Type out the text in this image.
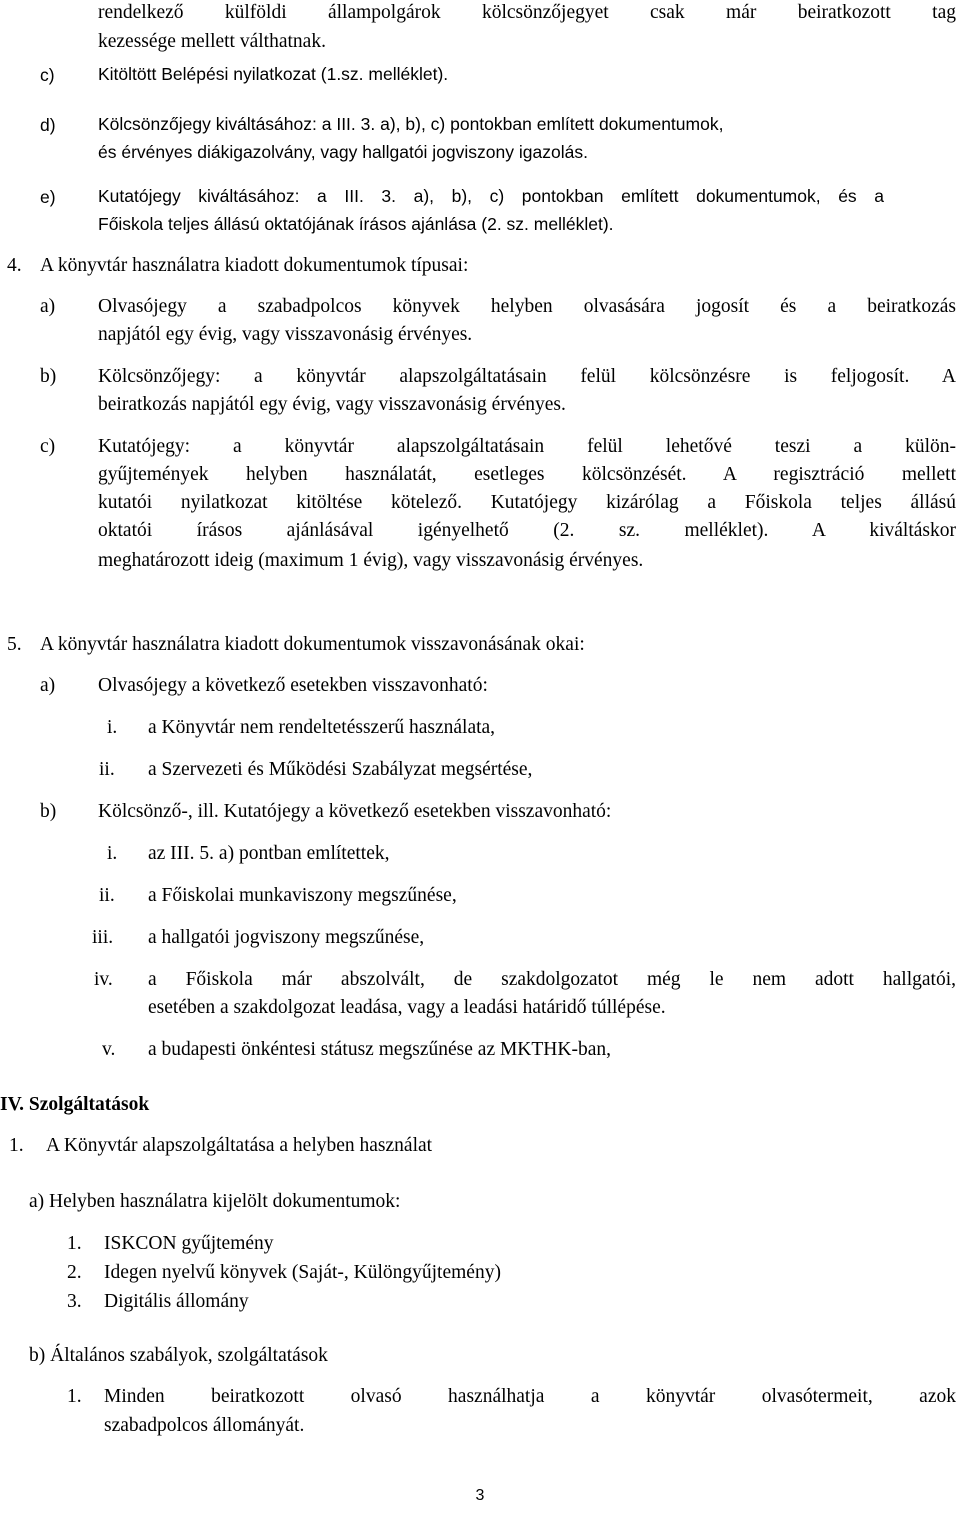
rendelkező külföldi állampolgárok kölcsönzőjegyet csak már beiratkozott tag
kezessége mellett válthatnak.
c) Kitöltött Belépési nyilatkozat (1.sz. melléklet).
d) Kölcsönzőjegy kiváltásához: a III. 3. a), b), c) pontokban említett dokumentumok,
és érvényes diákigazolvány, vagy hallgatói jogviszony igazolás.
e) Kutatójegy kiváltásához: a III. 3. a), b), c) pontokban említett dokumentumok, és a
Főiskola teljes állású oktatójának írásos ajánlása (2. sz. melléklet).
4. A könyvtár használatra kiadott dokumentumok típusai:
a) Olvasójegy a szabadpolcos könyvek helyben olvasására jogosít és a beiratkozás
napjától egy évig, vagy visszavonásig érvényes.
b) Kölcsönzőjegy: a könyvtár alapszolgáltatásain felül kölcsönzésre is feljogosít. A
beiratkozás napjától egy évig, vagy visszavonásig érvényes.
c) Kutatójegy: a könyvtár alapszolgáltatásain felül lehetővé teszi a külön-
gyűjtemények helyben használatát, esetleges kölcsönzését. A regisztráció mellett
kutatói nyilatkozat kitöltése kötelező. Kutatójegy kizárólag a Főiskola teljes állású
oktatói írásos ajánlásával igényelhető (2. sz. melléklet). A kiváltáskor
meghatározott ideig (maximum 1 évig), vagy visszavonásig érvényes.
5. A könyvtár használatra kiadott dokumentumok visszavonásának okai:
a) Olvasójegy a következő esetekben visszavonható:
i. a Könyvtár nem rendeltetésszerű használata,
ii. a Szervezeti és Működési Szabályzat megsértése,
b) Kölcsönző-, ill. Kutatójegy a következő esetekben visszavonható:
i. az III. 5. a) pontban említettek,
ii. a Főiskolai munkaviszony megszűnése,
iii. a hallgatói jogviszony megszűnése,
iv. a Főiskola már abszolvált, de szakdolgozatot még le nem adott hallgatói,
esetében a szakdolgozat leadása, vagy a leadási határidő túllépése.
v. a budapesti önkéntesi státusz megszűnése az MKTHK-ban,
IV. Szolgáltatások
1. A Könyvtár alapszolgáltatása a helyben használat
a) Helyben használatra kijelölt dokumentumok:
1. ISKCON gyűjtemény
2. Idegen nyelvű könyvek (Saját-, Különgyűjtemény)
3. Digitális állomány
b) Általános szabályok, szolgáltatások
1. Minden beiratkozott olvasó használhatja a könyvtár olvasótermeit, azok
szabadpolcos állományát.
3
